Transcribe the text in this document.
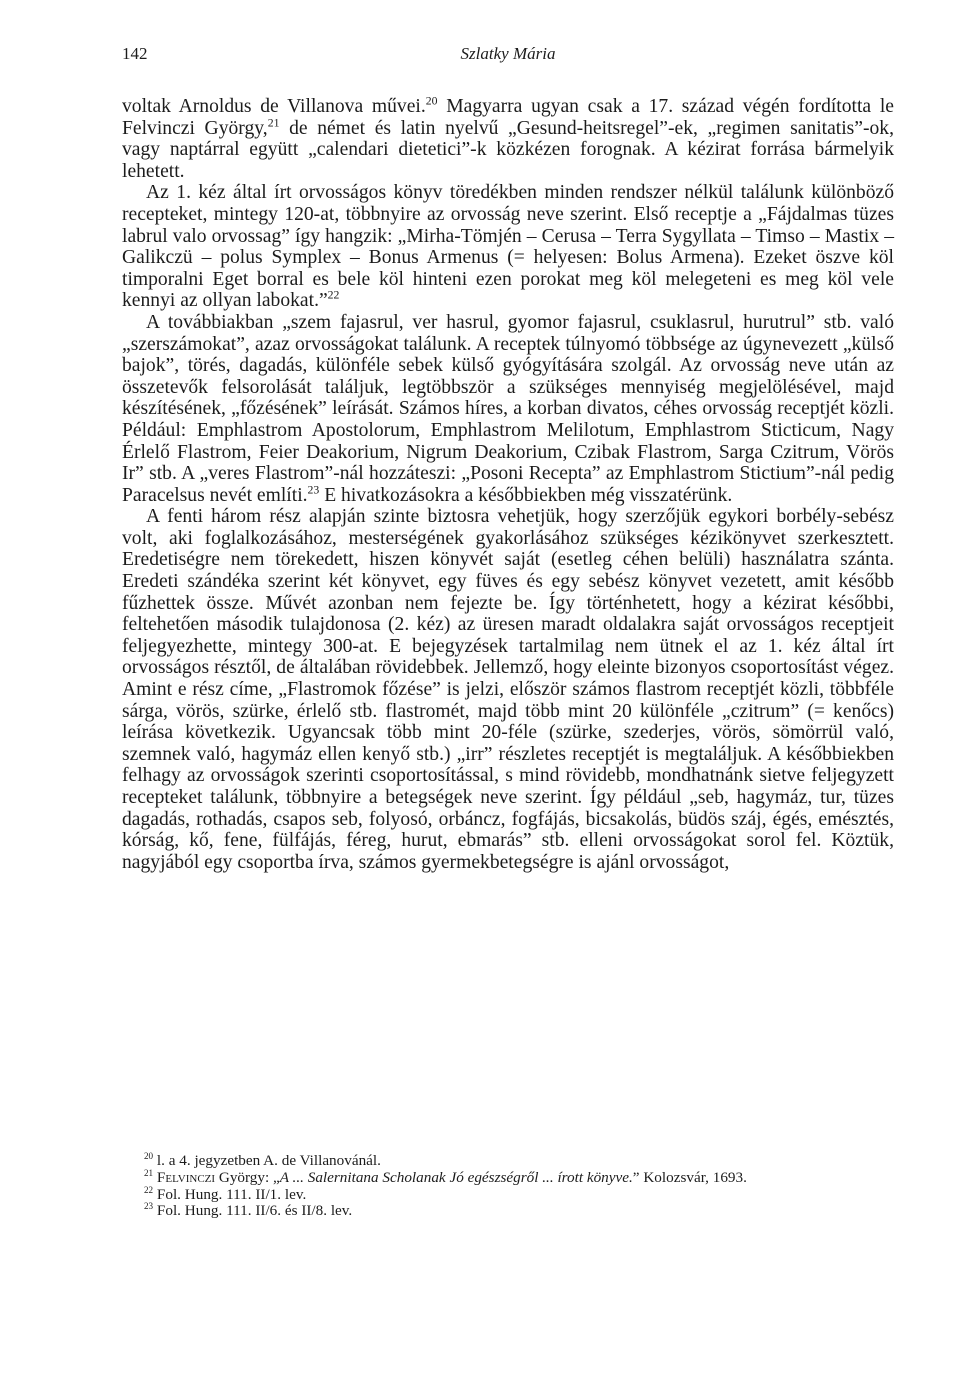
142	Szlatky Mária

voltak Arnoldus de Villanova művei.$^{20}$ Magyarra ugyan csak a 17. század végén fordította le Felvinczi György,$^{21}$ de német és latin nyelvű „Gesund-heitsregel”-ek, „regimen sanitatis”-ok, vagy naptárral együtt „calendari dietetici”-k közkézen forognak. A kézirat forrása bármelyik lehetett.

Az 1. kéz által írt orvosságos könyv töredékben minden rendszer nélkül találunk különböző recepteket, mintegy 120-at, többnyire az orvosság neve szerint. Első receptje a „Fájdalmas tüzes labrul valo orvossag” így hangzik: „Mirha-Tömjén – Cerusa – Terra Sygyllata – Timso – Mastix – Galikczü – polus Symplex – Bonus Armenus (= helyesen: Bolus Armena). Ezeket öszve köl timporalni Eget borral es bele köl hinteni ezen porokat meg köl melegeteni es meg köl vele kennyi az ollyan labokat.”$^{22}$

A továbbiakban „szem fajasrul, ver hasrul, gyomor fajasrul, csuklasrul, hurutrul” stb. való „szerszámokat”, azaz orvosságokat találunk. A receptek túlnyomó többsége az úgynevezett „külső bajok”, törés, dagadás, különféle sebek külső gyógyítására szolgál. Az orvosság neve után az összetevők felsorolását találjuk, legtöbbször a szükséges mennyiség megjelölésével, majd készítésének, „főzésének” leírását. Számos híres, a korban divatos, céhes orvosság receptjét közli. Például: Emphlastrom Apostolorum, Emphlastrom Melilotum, Emphlastrom Sticticum, Nagy Érlelő Flastrom, Feier Deakorium, Nigrum Deakorium, Czibak Flastrom, Sarga Czitrum, Vörös Ir” stb. A „veres Flastrom”-nál hozzáteszi: „Posoni Recepta” az Emphlastrom Stictium”-nál pedig Paracelsus nevét említi.$^{23}$ E hivatkozásokra a későbbiekben még visszatérünk.

A fenti három rész alapján szinte biztosra vehetjük, hogy szerzőjük egykori borbély-sebész volt, aki foglalkozásához, mesterségének gyakorlásához szükséges kézikönyvet szerkesztett. Eredetiségre nem törekedett, hiszen könyvét saját (esetleg céhen belüli) használatra szánta. Eredeti szándéka szerint két könyvet, egy füves és egy sebész könyvet vezetett, amit később fűzhettek össze. Művét azonban nem fejezte be. Így történhetett, hogy a kézirat későbbi, feltehetően második tulajdonosa (2. kéz) az üresen maradt oldalakra saját orvosságos receptjeit feljegyezhette, mintegy 300-at. E bejegyzések tartalmilag nem ütnek el az 1. kéz által írt orvosságos résztől, de általában rövidebbek. Jellemző, hogy eleinte bizonyos csoportosítást végez. Amint e rész címe, „Flastromok főzése” is jelzi, először számos flastrom receptjét közli, többféle sárga, vörös, szürke, érlelő stb. flastromét, majd több mint 20 különféle „czitrum” (= kenőcs) leírása következik. Ugyancsak több mint 20-féle (szürke, szederjes, vörös, sömörrül való, szemnek való, hagymáz ellen kenyő stb.) „irr” részletes receptjét is megtaláljuk. A későbbiekben felhagy az orvosságok szerinti csoportosítással, s mind rövidebb, mondhatnánk sietve feljegyzett recepteket találunk, többnyire a betegségek neve szerint. Így például „seb, hagymáz, tur, tüzes dagadás, rothadás, csapos seb, folyosó, orbáncz, fogfájás, bicsakolás, büdös száj, égés, emésztés, kórság, kő, fene, fülfájás, féreg, hurut, ebmarás” stb. elleni orvosságokat sorol fel. Köztük, nagyjából egy csoportba írva, számos gyermekbetegségre is ajánl orvosságot,

$^{20}$ l. a 4. jegyzetben A. de Villanovánál.

$^{21}$ Felvinczi György: „A ... Salernitana Scholanak Jó egészségről ... írott könyve.” Kolozsvár, 1693.

$^{22}$ Fol. Hung. 111. II/1. lev.

$^{23}$ Fol. Hung. 111. II/6. és II/8. lev.
